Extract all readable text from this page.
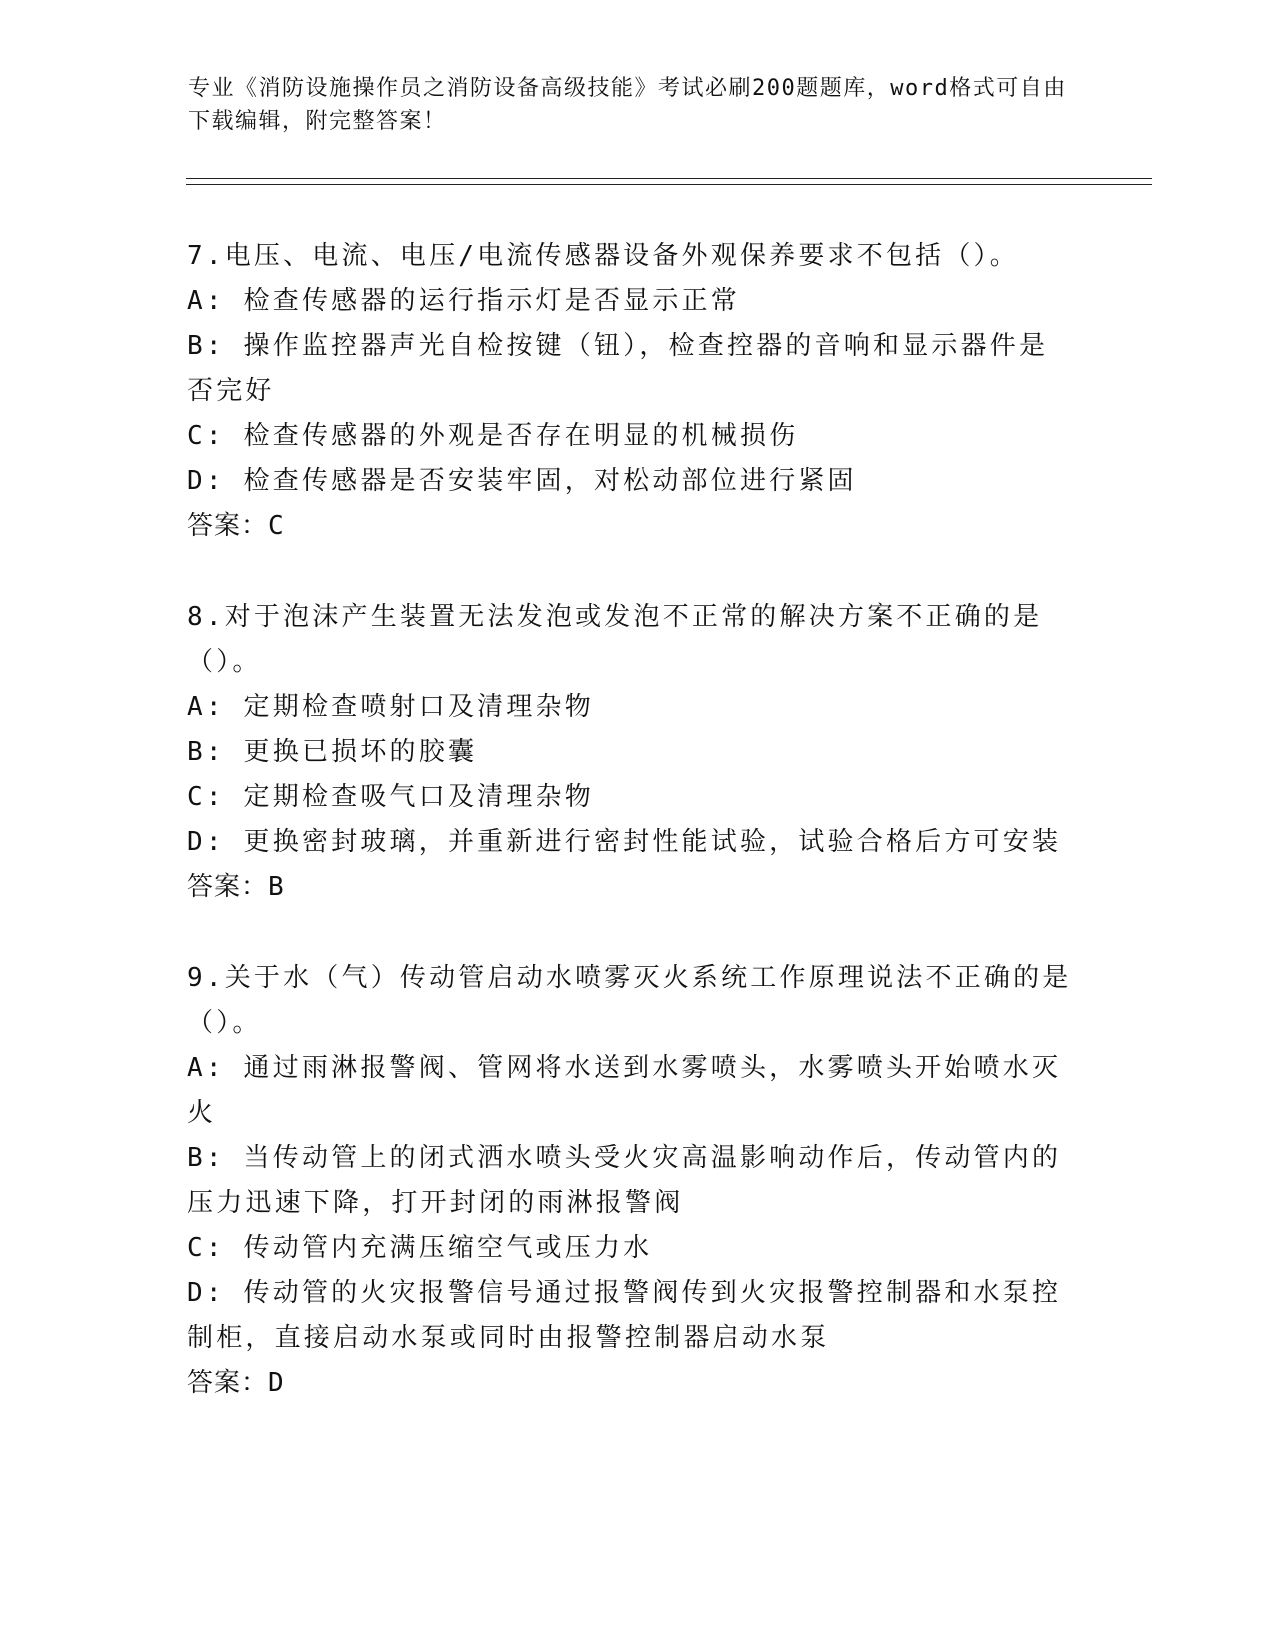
专业《消防设施操作员之消防设备高级技能》考试必刷200题题库，word格式可自由下载编辑，附完整答案！
7.电压、电流、电压/电流传感器设备外观保养要求不包括（）。
A: 检查传感器的运行指示灯是否显示正常
B: 操作监控器声光自检按键（钮），检查控器的音响和显示器件是否完好
C: 检查传感器的外观是否存在明显的机械损伤
D: 检查传感器是否安装牢固，对松动部位进行紧固
答案：C
8.对于泡沫产生装置无法发泡或发泡不正常的解决方案不正确的是（）。
A: 定期检查喷射口及清理杂物
B: 更换已损坏的胶囊
C: 定期检查吸气口及清理杂物
D: 更换密封玻璃，并重新进行密封性能试验，试验合格后方可安装
答案：B
9.关于水（气）传动管启动水喷雾灭火系统工作原理说法不正确的是（）。
A: 通过雨淋报警阀、管网将水送到水雾喷头，水雾喷头开始喷水灭火
B: 当传动管上的闭式洒水喷头受火灾高温影响动作后，传动管内的压力迅速下降，打开封闭的雨淋报警阀
C: 传动管内充满压缩空气或压力水
D: 传动管的火灾报警信号通过报警阀传到火灾报警控制器和水泵控制柜，直接启动水泵或同时由报警控制器启动水泵
答案：D
